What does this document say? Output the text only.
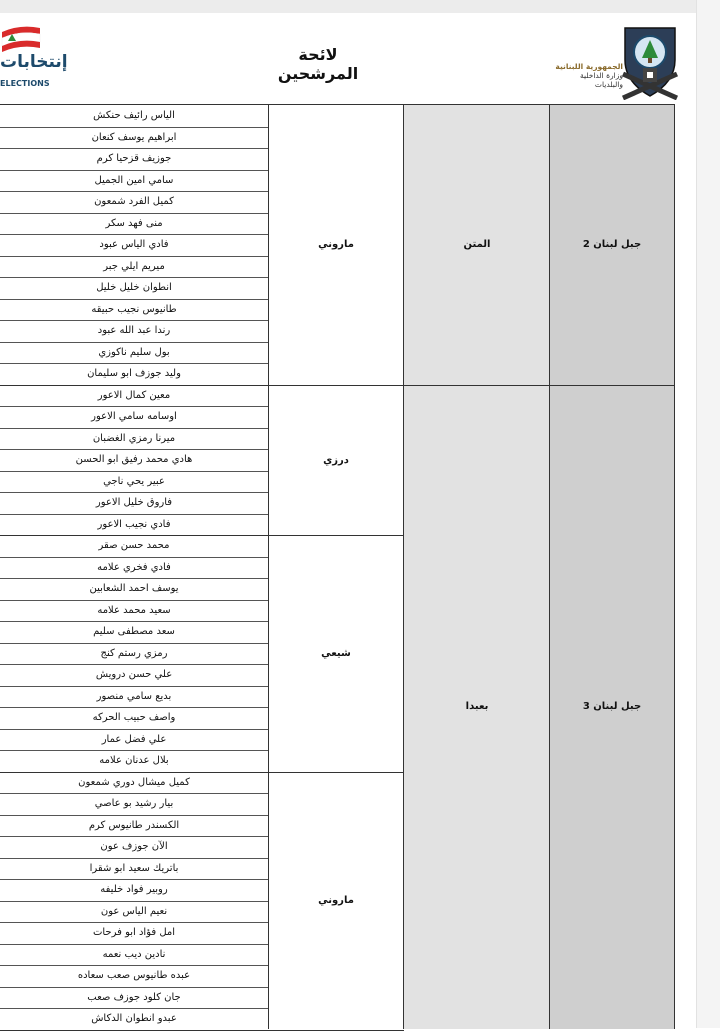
إنتخابات
ELECTIONS
لائحة المرشحين	الجمهورية اللبنانية
وزارة الداخلية
والبلديات
جبل لبنان 2
جبل لبنان 3
المتن
بعبدا
ماروني
درزي
شيعي
ماروني
الياس رائيف حنكش
ابراهيم يوسف كنعان
جوزيف قزحيا كرم
سامي امين الجميل
كميل الفرد شمعون
منى فهد سكر
فادي الياس عبود
ميريم ايلي جبر
انطوان خليل خليل
طانيوس نجيب حبيقه
رندا عبد الله عبود
بول سليم ناكوزي
وليد جوزف ابو سليمان
معين كمال الاعور
اوسامه سامي الاعور
ميرنا رمزي الغضبان
هادي محمد رفيق ابو الحسن
عبير يحي ناجي
فاروق خليل الاعور
فادي نجيب الاعور
محمد حسن صقر
فادي فخري علامه
يوسف احمد الشعابين
سعيد محمد علامه
سعد مصطفى سليم
رمزي رستم كنج
علي حسن درويش
بديع سامي منصور
واصف حبيب الحركه
علي فضل عمار
بلال عدنان علامه
كميل ميشال دوري شمعون
بيار رشيد بو عاصي
الكسندر طانيوس كرم
الآن جوزف عون
باتريك سعيد ابو شقرا
روبير فواد خليفه
نعيم الياس عون
امل فؤاد ابو فرحات
نادين ديب نعمه
عبده طانيوس صعب سعاده
جان كلود جوزف صعب
عبدو انطوان الدكاش
